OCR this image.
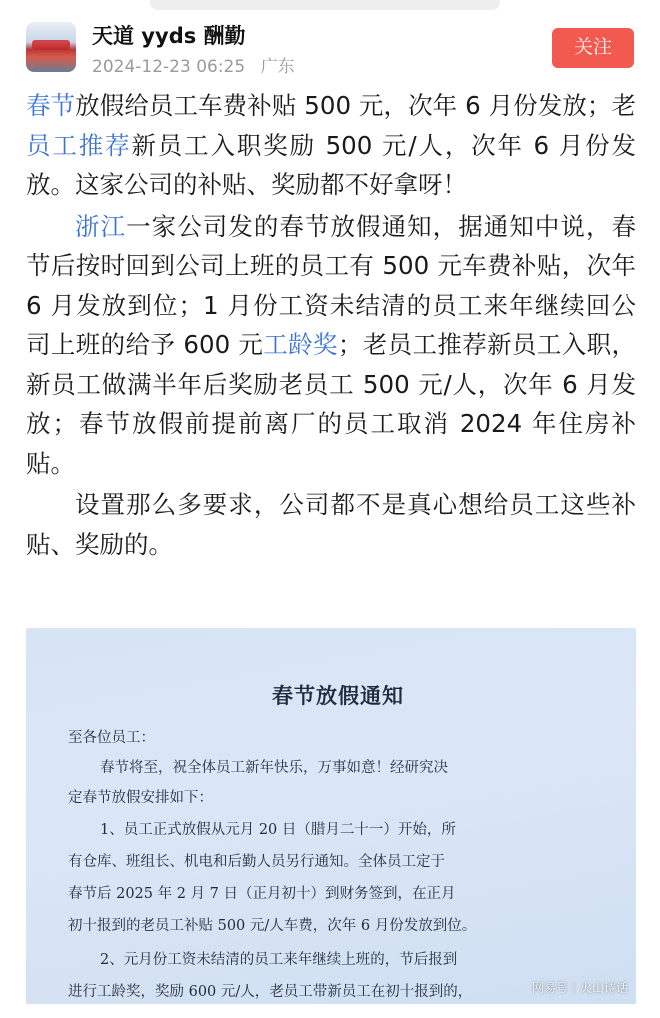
天道 yyds 酬勤
2024-12-23 06:25 广东
关注

春节放假给员工车费补贴 500 元，次年 6 月份发放；老员工推荐新员工入职奖励 500 元/人，次年 6 月份发放。这家公司的补贴、奖励都不好拿呀！

浙江一家公司发的春节放假通知，据通知中说，春节后按时回到公司上班的员工有 500 元车费补贴，次年 6 月发放到位；1 月份工资未结清的员工来年继续回公司上班的给予 600 元工龄奖；老员工推荐新员工入职，新员工做满半年后奖励老员工 500 元/人，次年 6 月发放；春节放假前提前离厂的员工取消 2024 年住房补贴。

设置那么多要求，公司都不是真心想给员工这些补贴、奖励的。

春节放假通知
至各位员工：
春节将至，祝全体员工新年快乐，万事如意！经研究决
定春节放假安排如下：
1、员工正式放假从元月 20 日（腊月二十一）开始，所
有仓库、班组长、机电和后勤人员另行通知。全体员工定于
春节后 2025 年 2 月 7 日（正月初十）到财务签到，在正月
初十报到的老员工补贴 500 元/人车费，次年 6 月份发放到位。
2、元月份工资未结清的员工来年继续上班的，节后报到
进行工龄奖，奖励 600 元/人，老员工带新员工在初十报到的，	网易号｜火山诗话
